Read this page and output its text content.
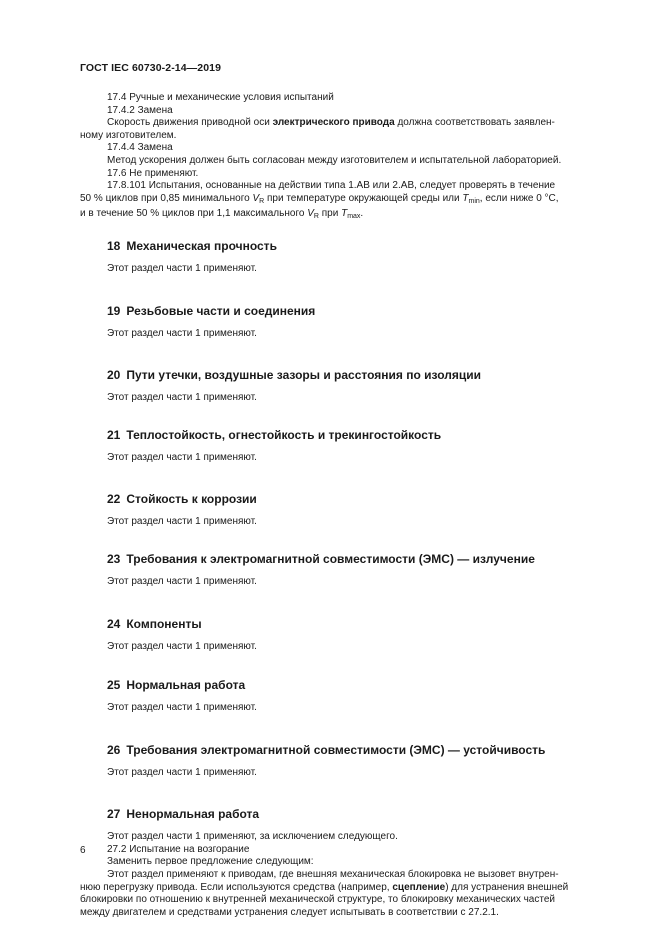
ГОСТ IEC 60730-2-14—2019

17.4 Ручные и механические условия испытаний

17.4.2 Замена

Скорость движения приводной оси электрического привода должна соответствовать заявлен-

ному изготовителем.

17.4.4 Замена

Метод ускорения должен быть согласован между изготовителем и испытательной лабораторией.

17.6 Не применяют.

17.8.101 Испытания, основанные на действии типа 1.AB или 2.AB, следует проверять в течение

50 % циклов при 0,85 минимального $V_R$ при температуре окружающей среды или $T_{min}$, если ниже 0 °С,

и в течение 50 % циклов при 1,1 максимального $V_R$ при $T_{max}$.

18  Механическая прочность

Этот раздел части 1 применяют.

19  Резьбовые части и соединения

Этот раздел части 1 применяют.

20  Пути утечки, воздушные зазоры и расстояния по изоляции

Этот раздел части 1 применяют.

21  Теплостойкость, огнестойкость и трекингостойкость

Этот раздел части 1 применяют.

22  Стойкость к коррозии

Этот раздел части 1 применяют.

23  Требования к электромагнитной совместимости (ЭМС) — излучение

Этот раздел части 1 применяют.

24  Компоненты

Этот раздел части 1 применяют.

25  Нормальная работа

Этот раздел части 1 применяют.

26  Требования электромагнитной совместимости (ЭМС) — устойчивость

Этот раздел части 1 применяют.

27  Ненормальная работа

Этот раздел части 1 применяют, за исключением следующего.

27.2 Испытание на возгорание

Заменить первое предложение следующим:

Этот раздел применяют к приводам, где внешняя механическая блокировка не вызовет внутрен-

нюю перегрузку привода. Если используются средства (например, сцепление) для устранения внешней

блокировки по отношению к внутренней механической структуре, то блокировку механических частей

между двигателем и средствами устранения следует испытывать в соответствии с 27.2.1.

6
